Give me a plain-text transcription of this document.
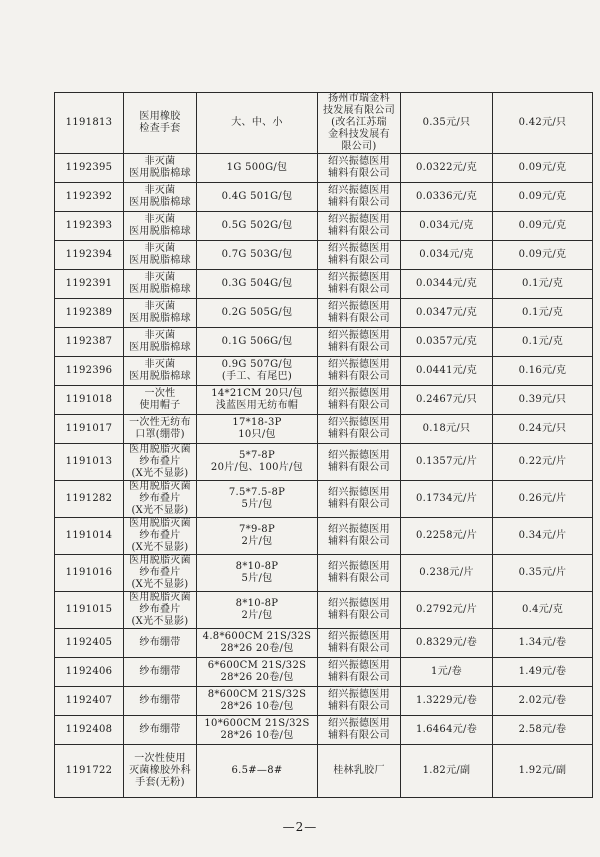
1191813	医用橡胶
检查手套	大、中、小	扬州市瑞金科
技发展有限公司
(改名江苏瑞
金科技发展有
限公司)	0.35元/只	0.42元/只
1192395	非灭菌
医用脱脂棉球	1G 500G/包	绍兴振德医用
辅料有限公司	0.0322元/克	0.09元/克
1192392	非灭菌
医用脱脂棉球	0.4G 501G/包	绍兴振德医用
辅料有限公司	0.0336元/克	0.09元/克
1192393	非灭菌
医用脱脂棉球	0.5G 502G/包	绍兴振德医用
辅料有限公司	0.034元/克	0.09元/克
1192394	非灭菌
医用脱脂棉球	0.7G 503G/包	绍兴振德医用
辅料有限公司	0.034元/克	0.09元/克
1192391	非灭菌
医用脱脂棉球	0.3G 504G/包	绍兴振德医用
辅料有限公司	0.0344元/克	0.1元/克
1192389	非灭菌
医用脱脂棉球	0.2G 505G/包	绍兴振德医用
辅料有限公司	0.0347元/克	0.1元/克
1192387	非灭菌
医用脱脂棉球	0.1G 506G/包	绍兴振德医用
辅料有限公司	0.0357元/克	0.1元/克
1192396	非灭菌
医用脱脂棉球	0.9G 507G/包
(手工、有尾巴)	绍兴振德医用
辅料有限公司	0.0441元/克	0.16元/克
1191018	一次性
使用帽子	14*21CM 20只/包
浅蓝医用无纺布帽	绍兴振德医用
辅料有限公司	0.2467元/只	0.39元/只
1191017	一次性无纺布
口罩(绷带)	17*18-3P
10只/包	绍兴振德医用
辅料有限公司	0.18元/只	0.24元/只
1191013	医用脱脂灭菌
纱布叠片
(X光不显影)	5*7-8P
20片/包、100片/包	绍兴振德医用
辅料有限公司	0.1357元/片	0.22元/片
1191282	医用脱脂灭菌
纱布叠片
(X光不显影)	7.5*7.5-8P
5片/包	绍兴振德医用
辅料有限公司	0.1734元/片	0.26元/片
1191014	医用脱脂灭菌
纱布叠片
(X光不显影)	7*9-8P
2片/包	绍兴振德医用
辅料有限公司	0.2258元/片	0.34元/片
1191016	医用脱脂灭菌
纱布叠片
(X光不显影)	8*10-8P
5片/包	绍兴振德医用
辅料有限公司	0.238元/片	0.35元/片
1191015	医用脱脂灭菌
纱布叠片
(X光不显影)	8*10-8P
2片/包	绍兴振德医用
辅料有限公司	0.2792元/片	0.4元/克
1192405	纱布绷带	4.8*600CM 21S/32S
28*26 20卷/包	绍兴振德医用
辅料有限公司	0.8329元/卷	1.34元/卷
1192406	纱布绷带	6*600CM 21S/32S
28*26 20卷/包	绍兴振德医用
辅料有限公司	1元/卷	1.49元/卷
1192407	纱布绷带	8*600CM 21S/32S
28*26 10卷/包	绍兴振德医用
辅料有限公司	1.3229元/卷	2.02元/卷
1192408	纱布绷带	10*600CM 21S/32S
28*26 10卷/包	绍兴振德医用
辅料有限公司	1.6464元/卷	2.58元/卷
1191722	一次性使用
灭菌橡胶外科
手套(无粉)	6.5#—8#	桂林乳胶厂	1.82元/副	1.92元/副
—2—
